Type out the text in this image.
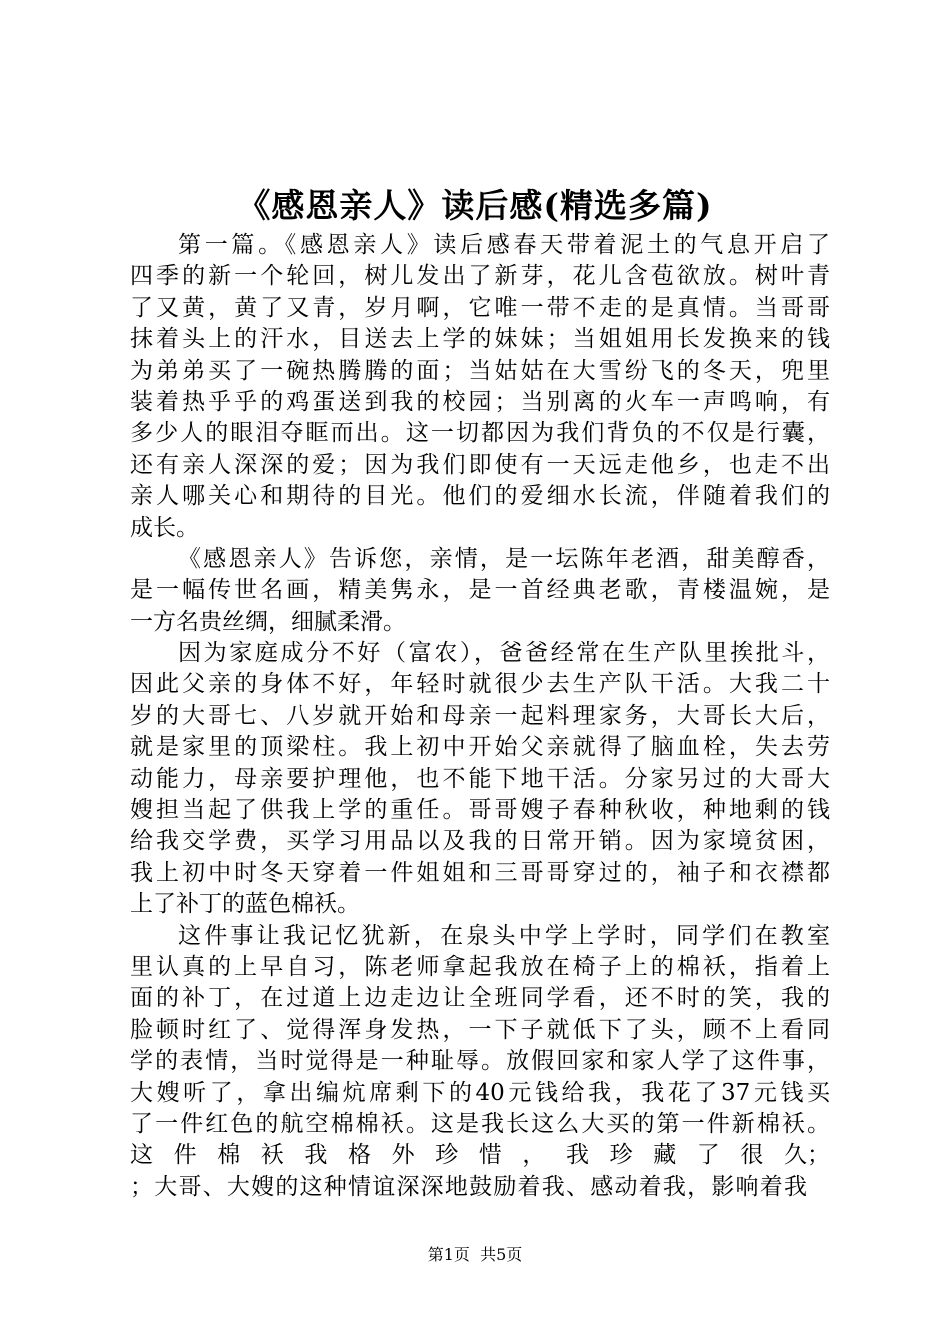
《感恩亲人》读后感(精选多篇)
第一篇。《感恩亲人》读后感春天带着泥土的气息开启了
四季的新一个轮回，树儿发出了新芽，花儿含苞欲放。树叶青
了又黄，黄了又青，岁月啊，它唯一带不走的是真情。当哥哥
抹着头上的汗水，目送去上学的妹妹；当姐姐用长发换来的钱
为弟弟买了一碗热腾腾的面；当姑姑在大雪纷飞的冬天，兜里
装着热乎乎的鸡蛋送到我的校园；当别离的火车一声鸣响，有
多少人的眼泪夺眶而出。这一切都因为我们背负的不仅是行囊，
还有亲人深深的爱；因为我们即使有一天远走他乡，也走不出
亲人哪关心和期待的目光。他们的爱细水长流，伴随着我们的
成长。
《感恩亲人》告诉您，亲情，是一坛陈年老酒，甜美醇香，
是一幅传世名画，精美隽永，是一首经典老歌，青楼温婉，是
一方名贵丝绸，细腻柔滑。
因为家庭成分不好（富农），爸爸经常在生产队里挨批斗，
因此父亲的身体不好，年轻时就很少去生产队干活。大我二十
岁的大哥七、八岁就开始和母亲一起料理家务，大哥长大后，
就是家里的顶梁柱。我上初中开始父亲就得了脑血栓，失去劳
动能力，母亲要护理他，也不能下地干活。分家另过的大哥大
嫂担当起了供我上学的重任。哥哥嫂子春种秋收，种地剩的钱
给我交学费，买学习用品以及我的日常开销。因为家境贫困，
我上初中时冬天穿着一件姐姐和三哥哥穿过的，袖子和衣襟都
上了补丁的蓝色棉袄。
这件事让我记忆犹新，在泉头中学上学时，同学们在教室
里认真的上早自习，陈老师拿起我放在椅子上的棉袄，指着上
面的补丁，在过道上边走边让全班同学看，还不时的笑，我的
脸顿时红了、觉得浑身发热，一下子就低下了头，顾不上看同
学的表情，当时觉得是一种耻辱。放假回家和家人学了这件事，
大嫂听了，拿出编炕席剩下的40元钱给我，我花了37元钱买
了一件红色的航空棉棉袄。这是我长这么大买的第一件新棉袄。
这件棉袄我格外珍惜，我珍藏了很久 ；
；大哥、大嫂的这种情谊深深地鼓励着我、感动着我，影响着我
第1页 共5页
